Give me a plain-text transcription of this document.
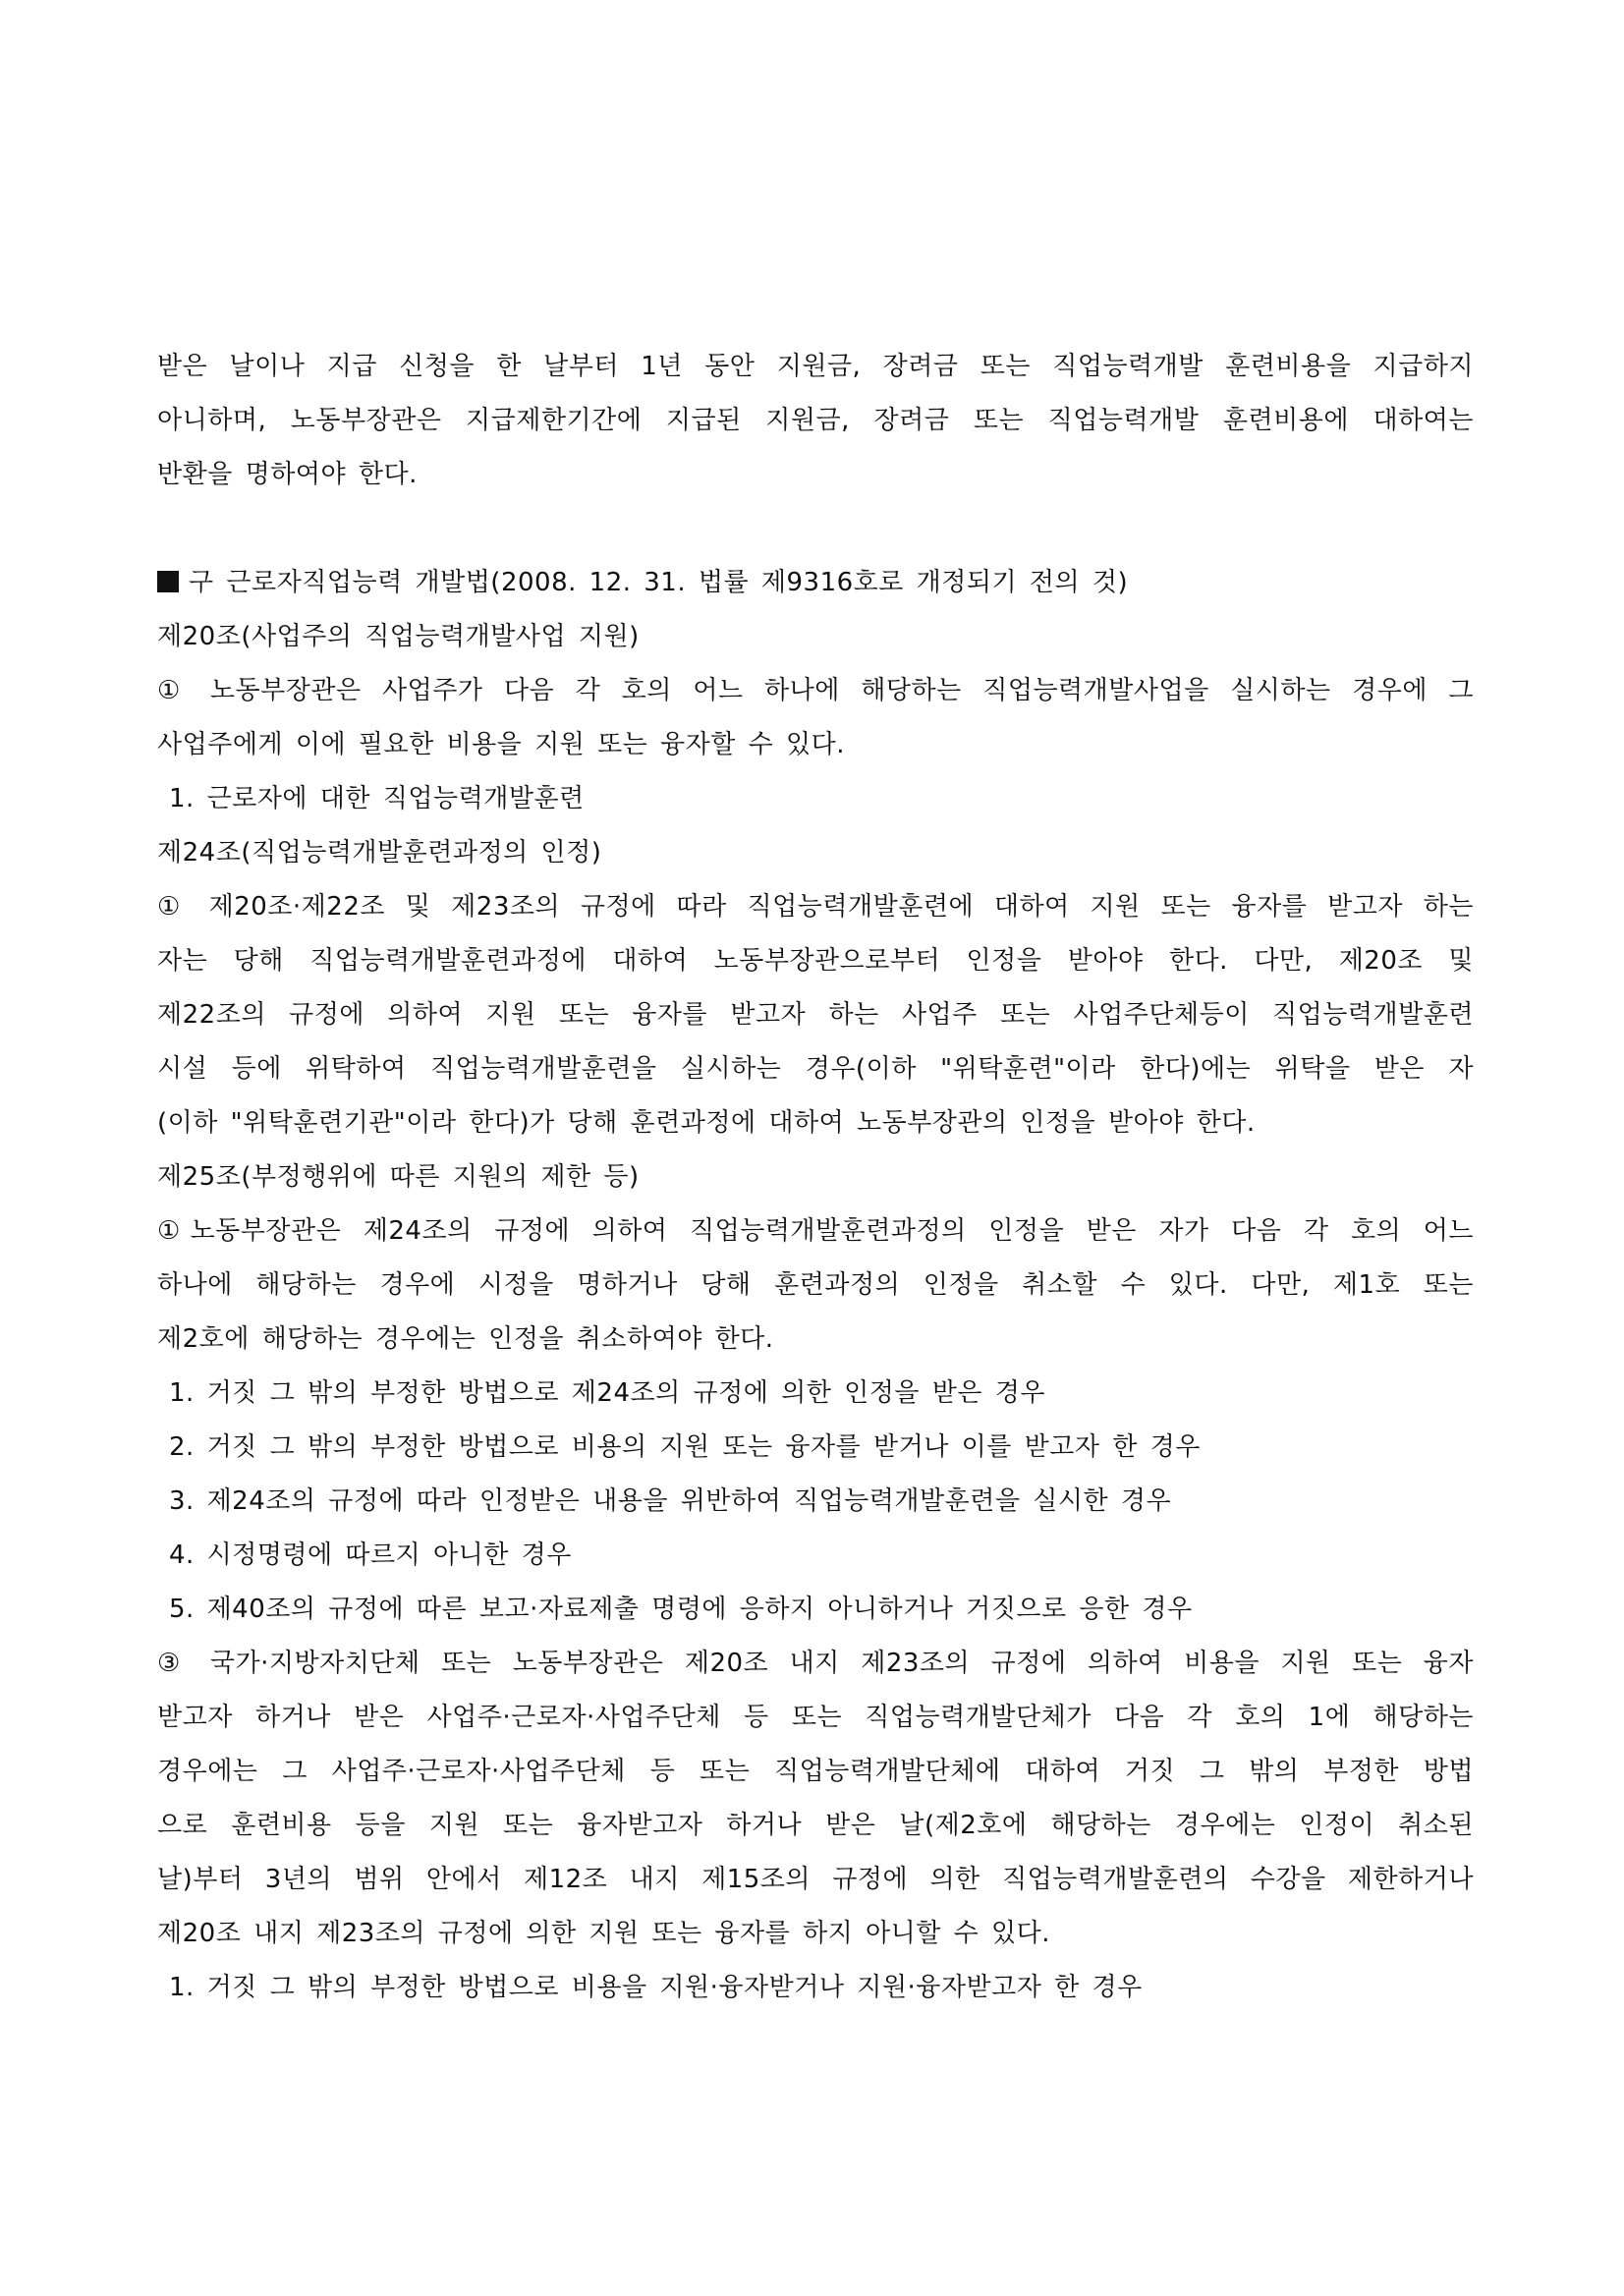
받은 날이나 지급 신청을 한 날부터 1년 동안 지원금, 장려금 또는 직업능력개발 훈련비용을 지급하지
아니하며, 노동부장관은 지급제한기간에 지급된 지원금, 장려금 또는 직업능력개발 훈련비용에 대하여는
반환을 명하여야 한다.
구 근로자직업능력 개발법(2008. 12. 31. 법률 제9316호로 개정되기 전의 것)
제20조(사업주의 직업능력개발사업 지원)
① 노동부장관은 사업주가 다음 각 호의 어느 하나에 해당하는 직업능력개발사업을 실시하는 경우에 그
사업주에게 이에 필요한 비용을 지원 또는 융자할 수 있다.
1. 근로자에 대한 직업능력개발훈련
제24조(직업능력개발훈련과정의 인정)
① 제20조·제22조 및 제23조의 규정에 따라 직업능력개발훈련에 대하여 지원 또는 융자를 받고자 하는
자는 당해 직업능력개발훈련과정에 대하여 노동부장관으로부터 인정을 받아야 한다. 다만, 제20조 및
제22조의 규정에 의하여 지원 또는 융자를 받고자 하는 사업주 또는 사업주단체등이 직업능력개발훈련
시설 등에 위탁하여 직업능력개발훈련을 실시하는 경우(이하 "위탁훈련"이라 한다)에는 위탁을 받은 자
(이하 "위탁훈련기관"이라 한다)가 당해 훈련과정에 대하여 노동부장관의 인정을 받아야 한다.
제25조(부정행위에 따른 지원의 제한 등)
①노동부장관은 제24조의 규정에 의하여 직업능력개발훈련과정의 인정을 받은 자가 다음 각 호의 어느
하나에 해당하는 경우에 시정을 명하거나 당해 훈련과정의 인정을 취소할 수 있다. 다만, 제1호 또는
제2호에 해당하는 경우에는 인정을 취소하여야 한다.
1. 거짓 그 밖의 부정한 방법으로 제24조의 규정에 의한 인정을 받은 경우
2. 거짓 그 밖의 부정한 방법으로 비용의 지원 또는 융자를 받거나 이를 받고자 한 경우
3. 제24조의 규정에 따라 인정받은 내용을 위반하여 직업능력개발훈련을 실시한 경우
4. 시정명령에 따르지 아니한 경우
5. 제40조의 규정에 따른 보고·자료제출 명령에 응하지 아니하거나 거짓으로 응한 경우
③ 국가·지방자치단체 또는 노동부장관은 제20조 내지 제23조의 규정에 의하여 비용을 지원 또는 융자
받고자 하거나 받은 사업주·근로자·사업주단체 등 또는 직업능력개발단체가 다음 각 호의 1에 해당하는
경우에는 그 사업주·근로자·사업주단체 등 또는 직업능력개발단체에 대하여 거짓 그 밖의 부정한 방법
으로 훈련비용 등을 지원 또는 융자받고자 하거나 받은 날(제2호에 해당하는 경우에는 인정이 취소된
날)부터 3년의 범위 안에서 제12조 내지 제15조의 규정에 의한 직업능력개발훈련의 수강을 제한하거나
제20조 내지 제23조의 규정에 의한 지원 또는 융자를 하지 아니할 수 있다.
1. 거짓 그 밖의 부정한 방법으로 비용을 지원·융자받거나 지원·융자받고자 한 경우
